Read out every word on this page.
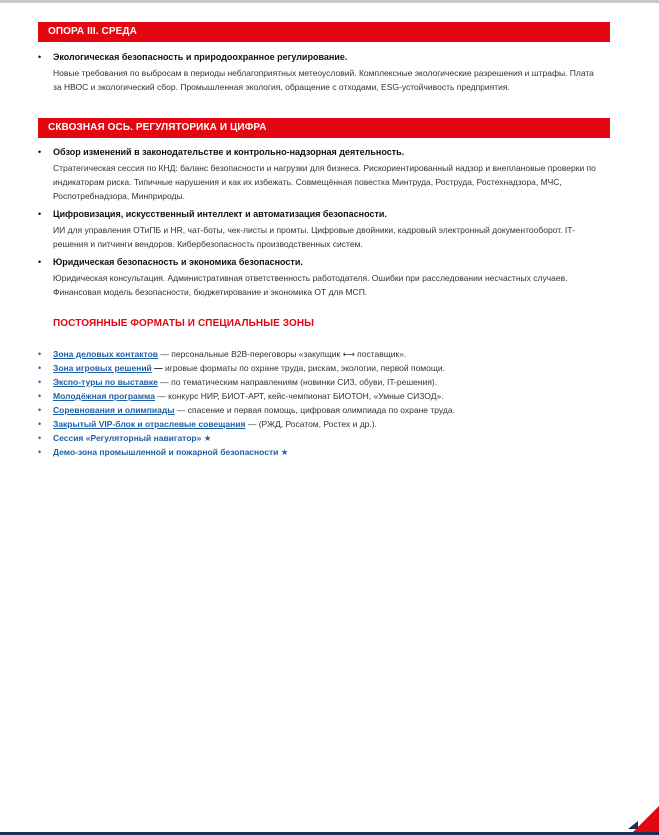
ОПОРА III. СРЕДА
• Экологическая безопасность и природоохранное регулирование.
Новые требования по выбросам в периоды неблагоприятных метеоусловий. Комплексные экологические разрешения и штрафы. Плата за НВОС и экологический сбор. Промышленная экология, обращение с отходами, ESG-устойчивость предприятия.
СКВОЗНАЯ ОСЬ. РЕГУЛЯТОРИКА И ЦИФРА
• Обзор изменений в законодательстве и контрольно-надзорная деятельность.
Стратегическая сессия по КНД: баланс безопасности и нагрузки для бизнеса. Рискориентированный надзор и внеплановые проверки по индикаторам риска. Типичные нарушения и как их избежать. Совмещённая повестка Минтруда, Роструда, Ростехнадзора, МЧС, Роспотребнадзора, Минприроды.
• Цифровизация, искусственный интеллект и автоматизация безопасности.
ИИ для управления ОТиПБ и HR, чат-боты, чек-листы и промты. Цифровые двойники, кадровый электронный документооборот. IT-решения и питчинги вендоров. Кибербезопасность производственных систем.
• Юридическая безопасность и экономика безопасности.
Юридическая консультация. Административная ответственность работодателя. Ошибки при расследовании несчастных случаев. Финансовая модель безопасности, бюджетирование и экономика ОТ для МСП.
ПОСТОЯННЫЕ ФОРМАТЫ И СПЕЦИАЛЬНЫЕ ЗОНЫ
• Зона деловых контактов — персональные В2В-переговоры «закупщик ⟷ поставщик».
• Зона игровых решений — игровые форматы по охране труда, рискам, экологии, первой помощи.
• Экспо-туры по выставке — по тематическим направлениям (новинки СИЗ, обуви, IT-решения).
• Молодёжная программа — конкурс НИР, БИОТ-АРТ, кейс-чемпионат БИОТОН, «Умные СИЗОД».
• Соревнования и олимпиады — спасение и первая помощь, цифровая олимпиада по охране труда.
• Закрытый VIP-блок и отраслевые совещания — (РЖД, Росатом, Ростех и др.).
• Сессия «Регуляторный навигатор» ★
• Демо-зона промышленной и пожарной безопасности ★
